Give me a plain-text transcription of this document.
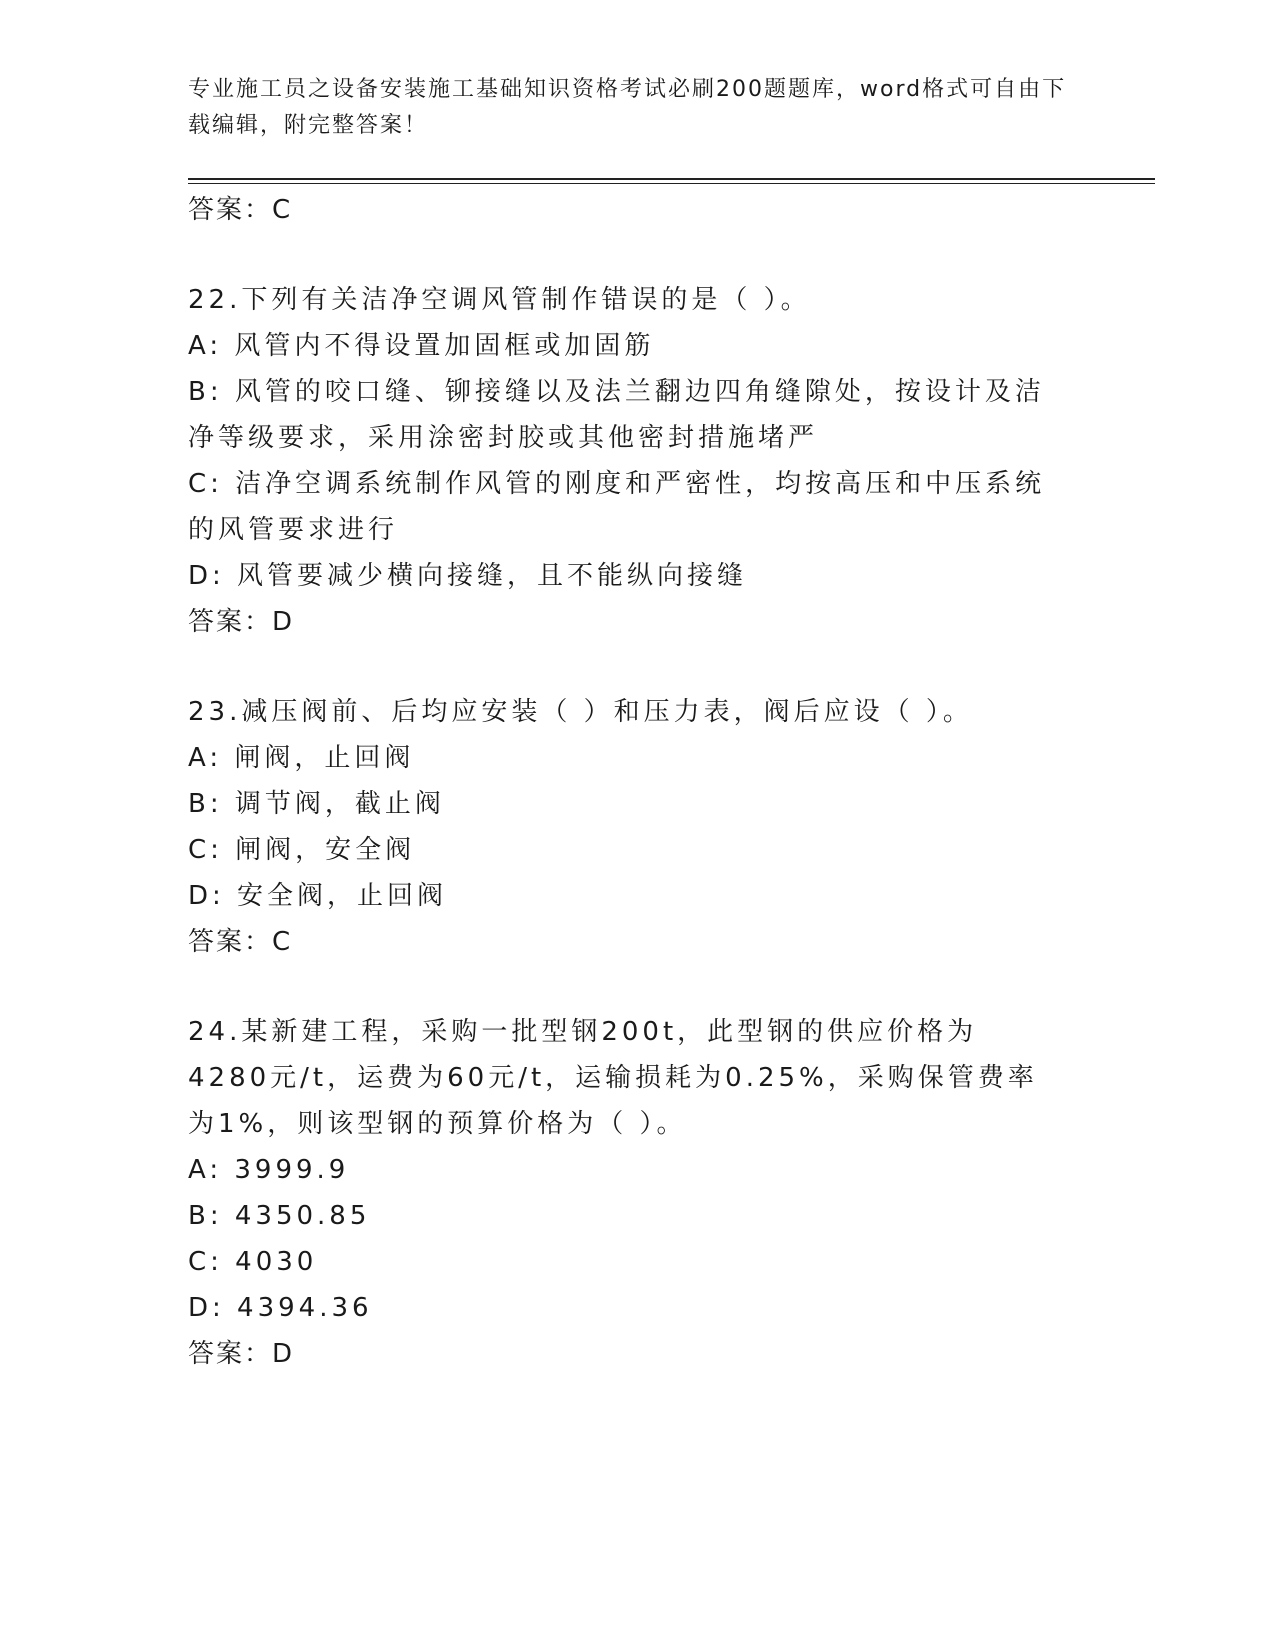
专业施工员之设备安装施工基础知识资格考试必刷200题题库，word格式可自由下载编辑，附完整答案！
答案：C
22.下列有关洁净空调风管制作错误的是（ ）。
A: 风管内不得设置加固框或加固筋
B: 风管的咬口缝、铆接缝以及法兰翻边四角缝隙处，按设计及洁净等级要求，采用涂密封胶或其他密封措施堵严
C: 洁净空调系统制作风管的刚度和严密性，均按高压和中压系统的风管要求进行
D: 风管要减少横向接缝，且不能纵向接缝
答案：D
23.减压阀前、后均应安装（ ）和压力表，阀后应设（ ）。
A: 闸阀，止回阀
B: 调节阀，截止阀
C: 闸阀，安全阀
D: 安全阀，止回阀
答案：C
24.某新建工程，采购一批型钢200t，此型钢的供应价格为4280元/t，运费为60元/t，运输损耗为0.25%，采购保管费率为1%，则该型钢的预算价格为（ ）。
A: 3999.9
B: 4350.85
C: 4030
D: 4394.36
答案：D
